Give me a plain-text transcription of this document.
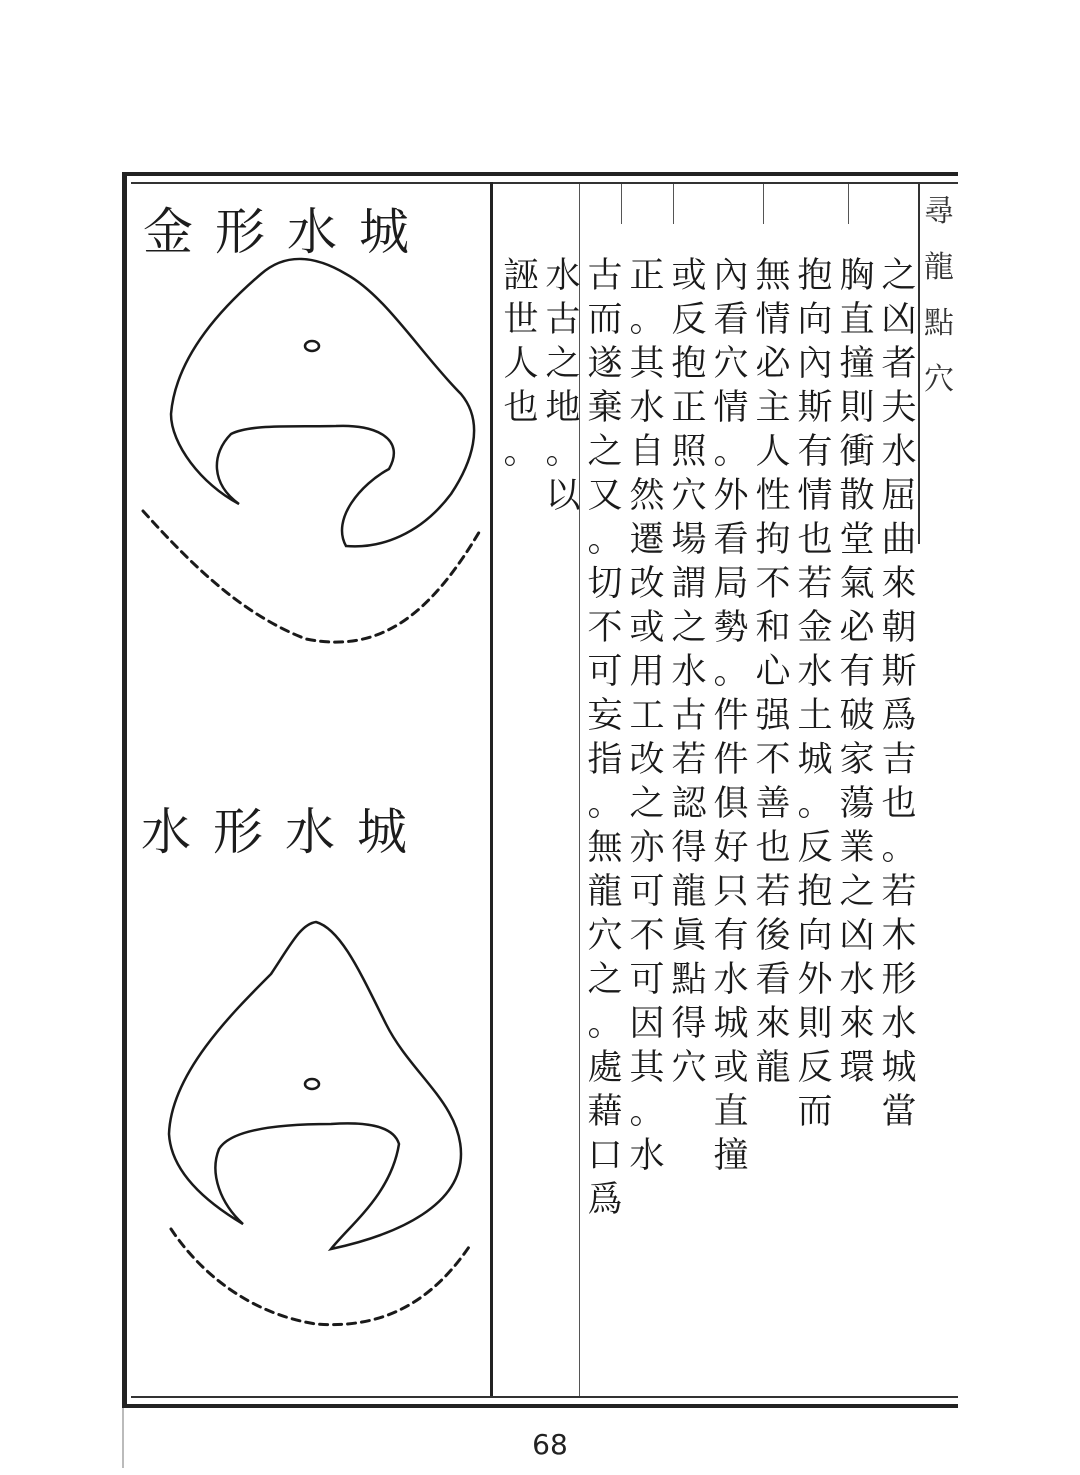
金形水城
水形水城
之
凶
者
夫
水
屈
曲
來
朝
斯
爲
吉
也
。
若
木
形
水
城
當
胸
直
撞
則
衝
散
堂
氣
必
有
破
家
蕩
業
之
凶
水
來
環
抱
向
內
斯
有
情
也
若
金
水
土
城
。
反
抱
向
外
則
反
而
無
情
必
主
人
性
拘
不
和
心
强
不
善
也
若
後
看
來
龍
內
看
穴
情
。
外
看
局
勢
。
件
件
俱
好
只
有
水
城
或
直
撞
或
反
抱
正
照
穴
場
謂
之
水
古
若
認
得
龍
眞
點
得
穴
正
。
其
水
自
然
遷
改
或
用
工
改
之
亦
可
不
可
因
其
。
水
古
而
遂
棄
之
又
。
切
不
可
妄
指
。
無
龍
穴
之
。
處
藉
口
爲
水
古
之
地
。
以
誣
世
人
也
。
尋
龍
點
穴
68
